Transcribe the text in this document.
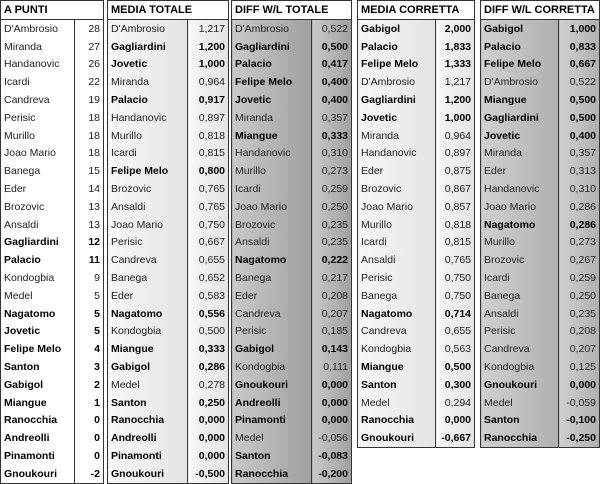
A PUNTI	
D'Ambrosio	28
Miranda	27
Handanovic	26
Icardi	22
Candreva	19
Perisic	18
Murillo	18
Joao Mario	18
Banega	15
Eder	14
Brozovic	13
Ansaldi	13
Gagliardini	12
Palacio	11
Kondogbia	9
Medel	5
Nagatomo	5
Jovetic	5
Felipe Melo	4
Santon	3
Gabigol	2
Miangue	1
Ranocchia	0
Andreolli	0
Pinamonti	0
Gnoukouri	-2
MEDIA TOTALE	
D'Ambrosio	1,217
Gagliardini	1,200
Jovetic	1,000
Miranda	0,964
Palacio	0,917
Handanovic	0,897
Murillo	0,818
Icardi	0,815
Felipe Melo	0,800
Brozovic	0,765
Ansaldi	0,765
Joao Mario	0,750
Perisic	0,667
Candreva	0,655
Banega	0,652
Eder	0,583
Nagatomo	0,556
Kondogbia	0,500
Miangue	0,333
Gabigol	0,286
Medel	0,278
Santon	0,250
Ranocchia	0,000
Andreolli	0,000
Pinamonti	0,000
Gnoukouri	-0,500
DIFF W/L TOTALE	
D'Ambrosio	0,522
Gagliardini	0,500
Palacio	0,417
Felipe Melo	0,400
Jovetic	0,400
Miranda	0,357
Miangue	0,333
Handanovic	0,310
Murillo	0,273
Icardi	0,259
Joao Mario	0,250
Brozovic	0,235
Ansaldi	0,235
Nagatomo	0,222
Banega	0,217
Eder	0,208
Candreva	0,207
Perisic	0,185
Gabigol	0,143
Kondogbia	0,111
Gnoukouri	0,000
Andreolli	0,000
Pinamonti	0,000
Medel	-0,056
Santon	-0,083
Ranocchia	-0,200
MEDIA CORRETTA	
Gabigol	2,000
Palacio	1,833
Felipe Melo	1,333
D'Ambrosio	1,217
Gagliardini	1,200
Jovetic	1,000
Miranda	0,964
Handanovic	0,897
Eder	0,875
Brozovic	0,867
Joao Mario	0,857
Murillo	0,818
Icardi	0,815
Ansaldi	0,765
Perisic	0,750
Banega	0,750
Nagatomo	0,714
Candreva	0,655
Kondogbia	0,563
Miangue	0,500
Santon	0,300
Medel	0,294
Ranocchia	0,000
Gnoukouri	-0,667
DIFF W/L CORRETTA	
Gabigol	1,000
Palacio	0,833
Felipe Melo	0,667
D'Ambrosio	0,522
Miangue	0,500
Gagliardini	0,500
Jovetic	0,400
Miranda	0,357
Eder	0,313
Handanovic	0,310
Joao Mario	0,286
Nagatomo	0,286
Murillo	0,273
Brozovic	0,267
Icardi	0,259
Banega	0,250
Ansaldi	0,235
Perisic	0,208
Candreva	0,207
Kondogbia	0,125
Gnoukouri	0,000
Medel	-0,059
Santon	-0,100
Ranocchia	-0,250
